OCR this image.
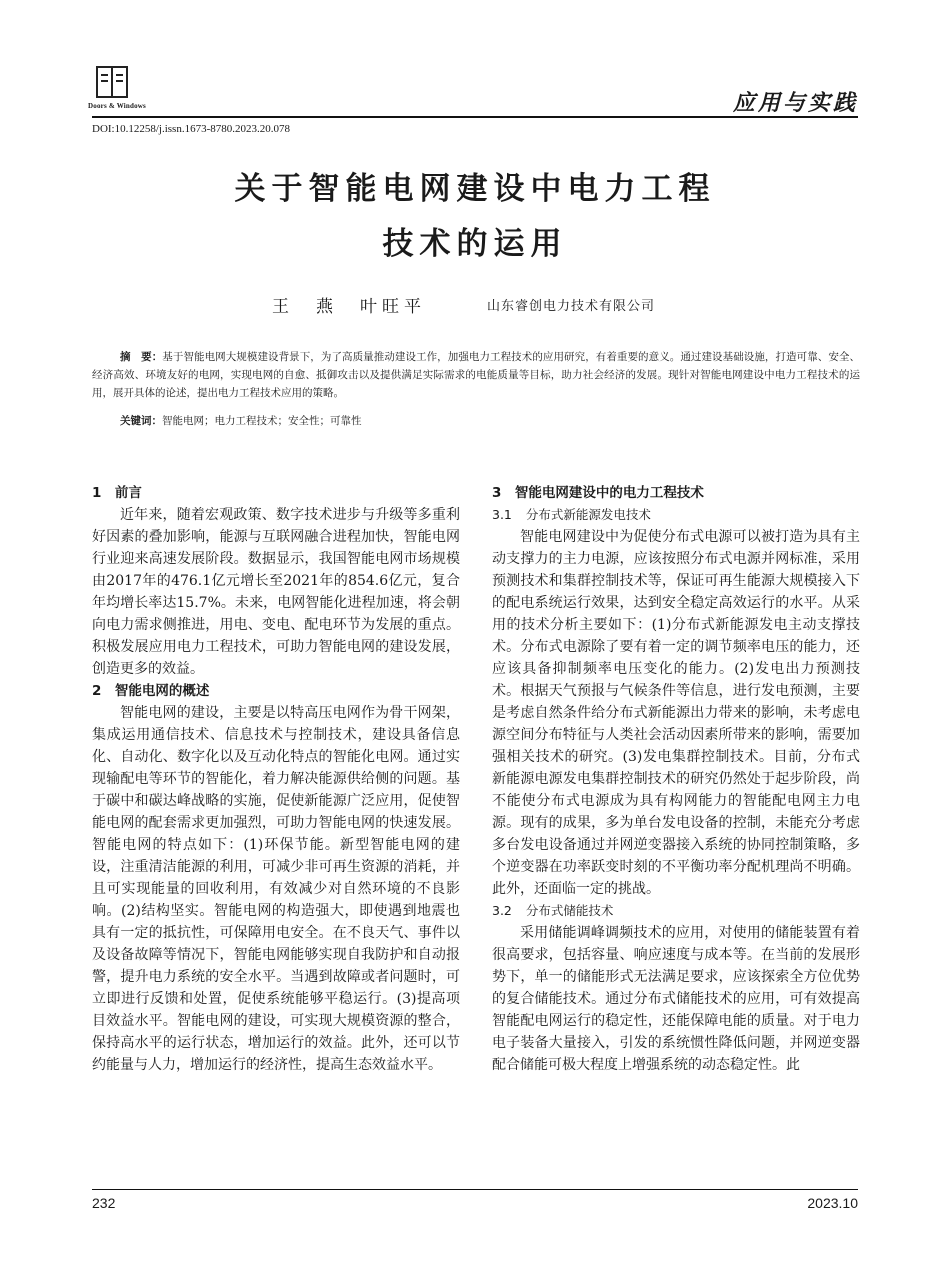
Doors & Windows	应用与实践
DOI:10.12258/j.issn.1673-8780.2023.20.078
关于智能电网建设中电力工程
技术的运用
王　燕　叶旺平	山东睿创电力技术有限公司
摘　要：基于智能电网大规模建设背景下，为了高质量推动建设工作，加强电力工程技术的应用研究，有着重要的意义。通过建设基础设施，打造可靠、安全、经济高效、环境友好的电网，实现电网的自愈、抵御攻击以及提供满足实际需求的电能质量等目标，助力社会经济的发展。现针对智能电网建设中电力工程技术的运用，展开具体的论述，提出电力工程技术应用的策略。
关键词：智能电网；电力工程技术；安全性；可靠性
1　前言

近年来，随着宏观政策、数字技术进步与升级等多重利好因素的叠加影响，能源与互联网融合进程加快，智能电网行业迎来高速发展阶段。数据显示，我国智能电网市场规模由2017年的476.1亿元增长至2021年的854.6亿元，复合年均增长率达15.7%。未来，电网智能化进程加速，将会朝向电力需求侧推进，用电、变电、配电环节为发展的重点。积极发展应用电力工程技术，可助力智能电网的建设发展，创造更多的效益。

2　智能电网的概述

智能电网的建设，主要是以特高压电网作为骨干网架，集成运用通信技术、信息技术与控制技术，建设具备信息化、自动化、数字化以及互动化特点的智能化电网。通过实现输配电等环节的智能化，着力解决能源供给侧的问题。基于碳中和碳达峰战略的实施，促使新能源广泛应用，促使智能电网的配套需求更加强烈，可助力智能电网的快速发展。智能电网的特点如下：(1)环保节能。新型智能电网的建设，注重清洁能源的利用，可减少非可再生资源的消耗，并且可实现能量的回收利用，有效减少对自然环境的不良影响。(2)结构坚实。智能电网的构造强大，即使遇到地震也具有一定的抵抗性，可保障用电安全。在不良天气、事件以及设备故障等情况下，智能电网能够实现自我防护和自动报警，提升电力系统的安全水平。当遇到故障或者问题时，可立即进行反馈和处置，促使系统能够平稳运行。(3)提高项目效益水平。智能电网的建设，可实现大规模资源的整合，保持高水平的运行状态，增加运行的效益。此外，还可以节约能量与人力，增加运行的经济性，提高生态效益水平。

3　智能电网建设中的电力工程技术
3.1 分布式新能源发电技术

智能电网建设中为促使分布式电源可以被打造为具有主动支撑力的主力电源，应该按照分布式电源并网标准，采用预测技术和集群控制技术等，保证可再生能源大规模接入下的配电系统运行效果，达到安全稳定高效运行的水平。从采用的技术分析主要如下：(1)分布式新能源发电主动支撑技术。分布式电源除了要有着一定的调节频率电压的能力，还应该具备抑制频率电压变化的能力。(2)发电出力预测技术。根据天气预报与气候条件等信息，进行发电预测，主要是考虑自然条件给分布式新能源出力带来的影响，未考虑电源空间分布特征与人类社会活动因素所带来的影响，需要加强相关技术的研究。(3)发电集群控制技术。目前，分布式新能源电源发电集群控制技术的研究仍然处于起步阶段，尚不能使分布式电源成为具有构网能力的智能配电网主力电源。现有的成果，多为单台发电设备的控制，未能充分考虑多台发电设备通过并网逆变器接入系统的协同控制策略，多个逆变器在功率跃变时刻的不平衡功率分配机理尚不明确。此外，还面临一定的挑战。

3.2 分布式储能技术

采用储能调峰调频技术的应用，对使用的储能装置有着很高要求，包括容量、响应速度与成本等。在当前的发展形势下，单一的储能形式无法满足要求，应该探索全方位优势的复合储能技术。通过分布式储能技术的应用，可有效提高智能配电网运行的稳定性，还能保障电能的质量。对于电力电子装备大量接入，引发的系统惯性降低问题，并网逆变器配合储能可极大程度上增强系统的动态稳定性。此

232	2023.10
